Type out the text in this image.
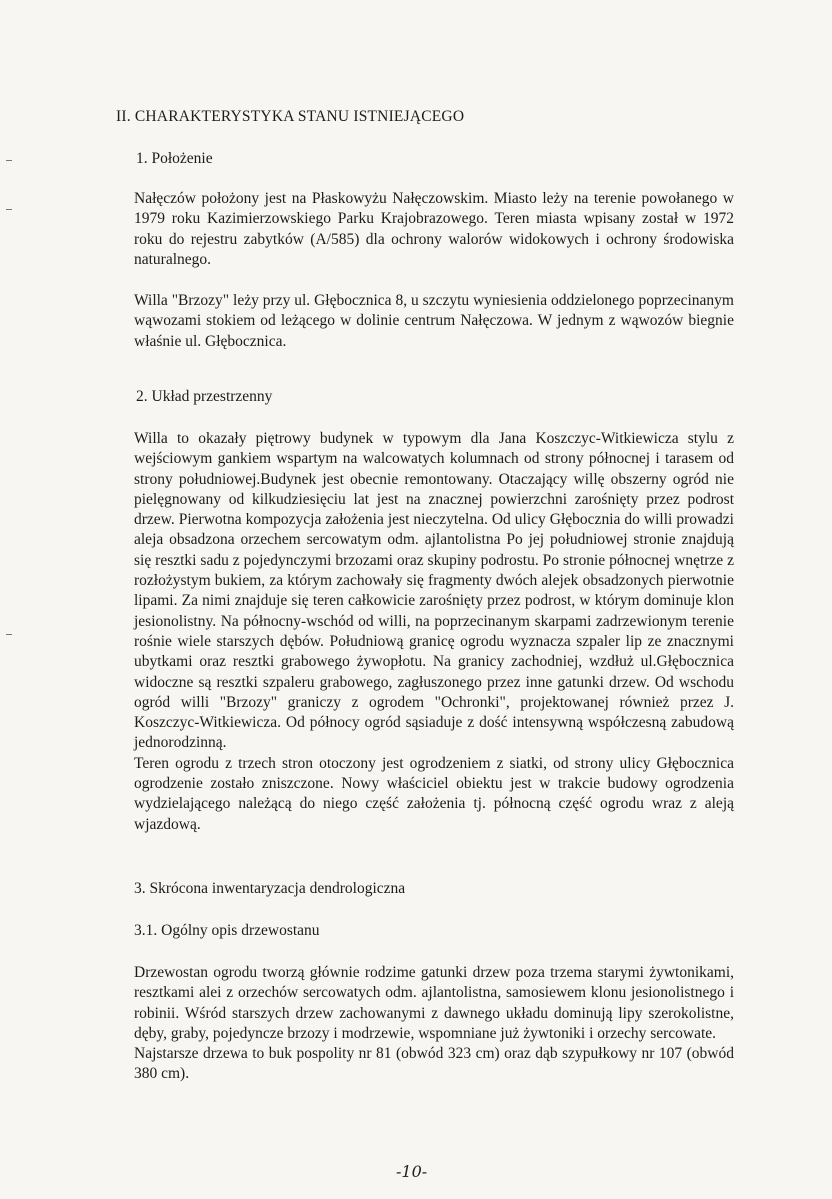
II. CHARAKTERYSTYKA STANU ISTNIEJĄCEGO
1. Położenie

Nałęczów położony jest na Płaskowyżu Nałęczowskim. Miasto leży na terenie powołanego w 1979 roku Kazimierzowskiego Parku Krajobrazowego. Teren miasta wpisany został w 1972 roku do rejestru zabytków (A/585) dla ochrony walorów widokowych i ochrony środowiska naturalnego.

Willa "Brzozy" leży przy ul. Głębocznica 8, u szczytu wyniesienia oddzielonego poprzecinanym wąwozami stokiem od leżącego w dolinie centrum Nałęczowa. W jednym z wąwozów biegnie właśnie ul. Głębocznica.

2. Układ przestrzenny

Willa to okazały piętrowy budynek w typowym dla Jana Koszczyc-Witkiewicza stylu z wejściowym gankiem wspartym na walcowatych kolumnach od strony północnej i tarasem od strony południowej.Budynek jest obecnie remontowany. Otaczający willę obszerny ogród nie pielęgnowany od kilkudziesięciu lat jest na znacznej powierzchni zarośnięty przez podrost drzew. Pierwotna kompozycja założenia jest nieczytelna. Od ulicy Głębocznia do willi prowadzi aleja obsadzona orzechem sercowatym odm. ajlantolistna Po jej południowej stronie znajdują się resztki sadu z pojedynczymi brzozami oraz skupiny podrostu. Po stronie północnej wnętrze z rozłożystym bukiem, za którym zachowały się fragmenty dwóch alejek obsadzonych pierwotnie lipami. Za nimi znajduje się teren całkowicie zarośnięty przez podrost, w którym dominuje klon jesionolistny. Na północny-wschód od willi, na poprzecinanym skarpami zadrzewionym terenie rośnie wiele starszych dębów. Południową granicę ogrodu wyznacza szpaler lip ze znacznymi ubytkami oraz resztki grabowego żywopłotu. Na granicy zachodniej, wzdłuż ul.Głębocznica widoczne są resztki szpaleru grabowego, zagłuszonego przez inne gatunki drzew. Od wschodu ogród willi "Brzozy" graniczy z ogrodem "Ochronki", projektowanej również przez J. Koszczyc-Witkiewicza. Od północy ogród sąsiaduje z dość intensywną współczesną zabudową jednorodzinną.

Teren ogrodu z trzech stron otoczony jest ogrodzeniem z siatki, od strony ulicy Głębocznica ogrodzenie zostało zniszczone. Nowy właściciel obiektu jest w trakcie budowy ogrodzenia wydzielającego należącą do niego część założenia tj. północną część ogrodu wraz z aleją wjazdową.

3. Skrócona inwentaryzacja dendrologiczna
3.1. Ogólny opis drzewostanu

Drzewostan ogrodu tworzą głównie rodzime gatunki drzew poza trzema starymi żywtonikami, resztkami alei z orzechów sercowatych odm. ajlantolistna, samosiewem klonu jesionolistnego i robinii. Wśród starszych drzew zachowanymi z dawnego układu dominują lipy szerokolistne, dęby, graby, pojedyncze brzozy i modrzewie, wspomniane już żywtoniki i orzechy sercowate.

Najstarsze drzewa to buk pospolity nr 81 (obwód 323 cm) oraz dąb szypułkowy nr 107 (obwód 380 cm).

-10-
